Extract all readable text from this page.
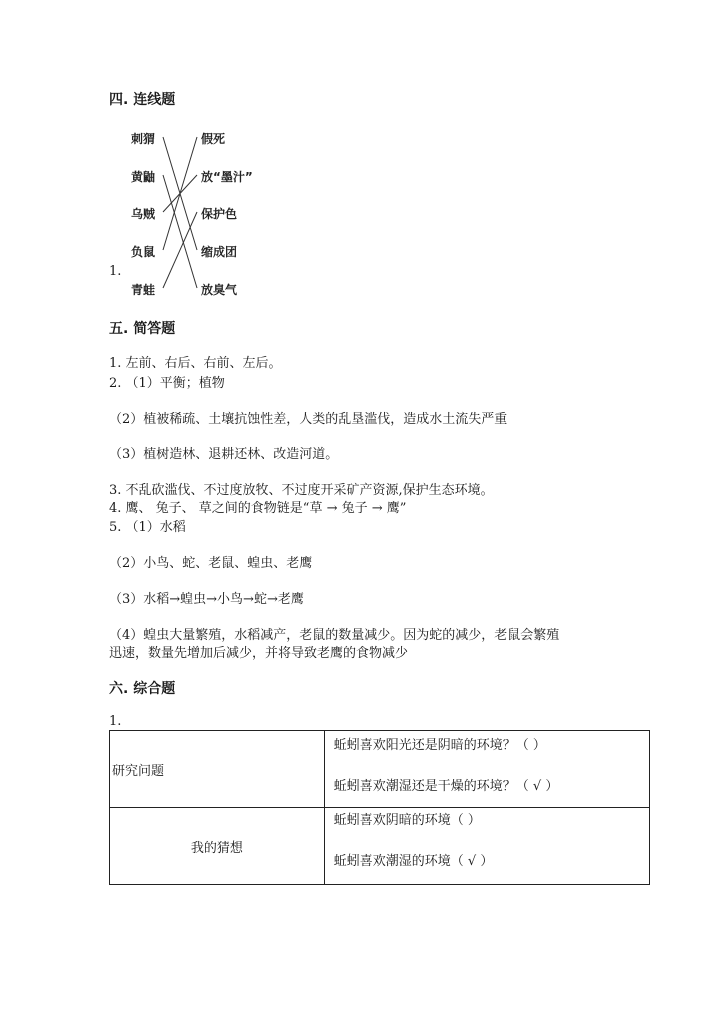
四. 连线题
刺猬
黄鼬
乌贼
负鼠
青蛙
假死
放“墨汁”
保护色
缩成团
放臭气
1.
五. 简答题
1. 左前、右后、右前、左后。
2. （1）平衡；植物
（2）植被稀疏、土壤抗蚀性差，人类的乱垦滥伐，造成水土流失严重
（3）植树造林、退耕还林、改造河道。
3. 不乱砍滥伐、不过度放牧、不过度开采矿产资源,保护生态环境。
4. 鹰、 兔子、 草之间的食物链是“草 → 兔子 → 鹰”
5. （1）水稻
（2）小鸟、蛇、老鼠、蝗虫、老鹰
（3）水稻→蝗虫→小鸟→蛇→老鹰
（4）蝗虫大量繁殖，水稻减产，老鼠的数量减少。因为蛇的减少，老鼠会繁殖
迅速，数量先增加后减少，并将导致老鹰的食物减少
六. 综合题
1.
研究问题	蚯蚓喜欢阳光还是阴暗的环境？（ ）

蚯蚓喜欢潮湿还是干燥的环境？（ √ ）

我的猜想	蚯蚓喜欢阴暗的环境（ ）

蚯蚓喜欢潮湿的环境（ √ ）
